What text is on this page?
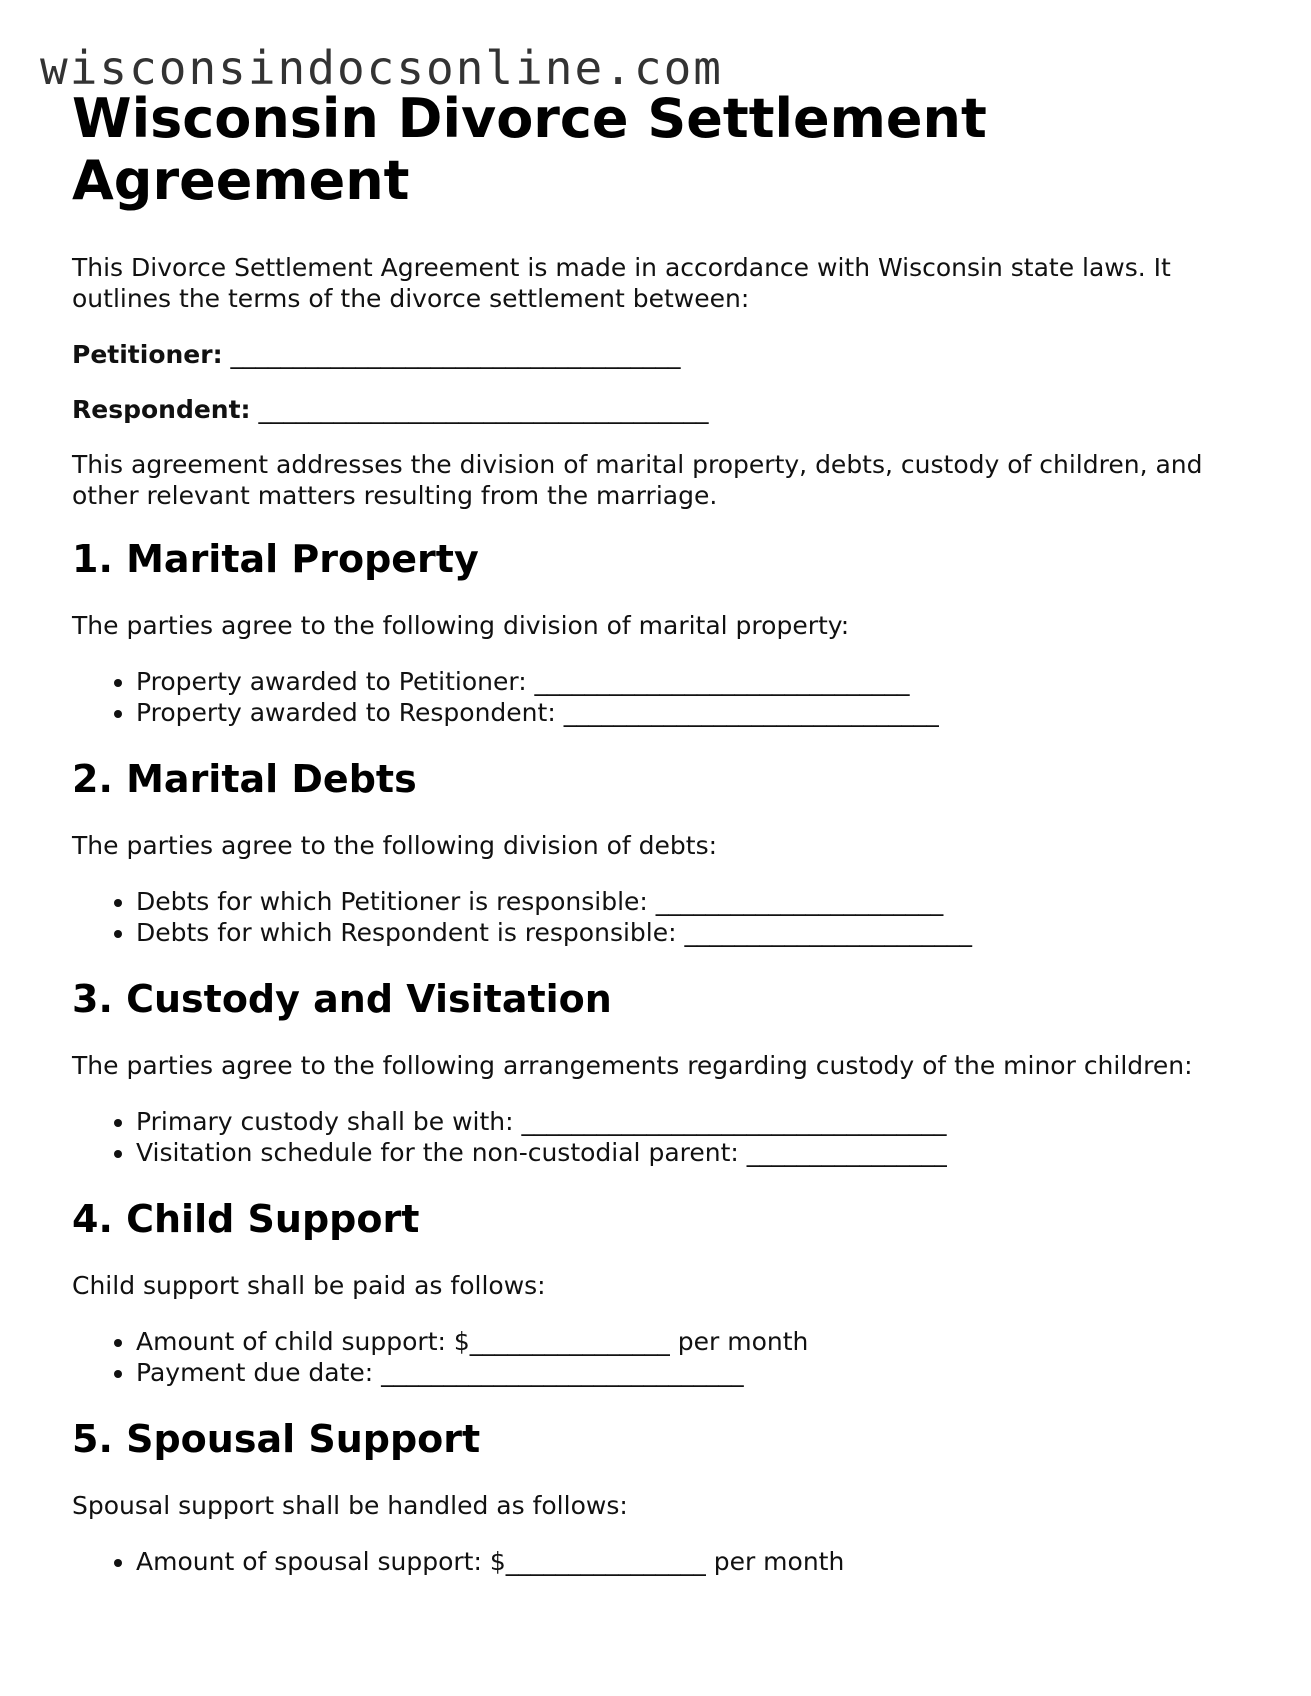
wisconsindocsonline.com
Wisconsin Divorce Settlement Agreement

This Divorce Settlement Agreement is made in accordance with Wisconsin state laws. It outlines the terms of the divorce settlement between:

Petitioner: ____________________________________

Respondent: ____________________________________

This agreement addresses the division of marital property, debts, custody of children, and other relevant matters resulting from the marriage.

1. Marital Property

The parties agree to the following division of marital property:

• Property awarded to Petitioner: ______________________________
• Property awarded to Respondent: ______________________________
2. Marital Debts

The parties agree to the following division of debts:

• Debts for which Petitioner is responsible: _______________________
• Debts for which Respondent is responsible: _______________________
3. Custody and Visitation

The parties agree to the following arrangements regarding custody of the minor children:

• Primary custody shall be with: __________________________________
• Visitation schedule for the non-custodial parent: ________________
4. Child Support

Child support shall be paid as follows:

• Amount of child support: $________________ per month
• Payment due date: _____________________________
5. Spousal Support

Spousal support shall be handled as follows:

• Amount of spousal support: $________________ per month
